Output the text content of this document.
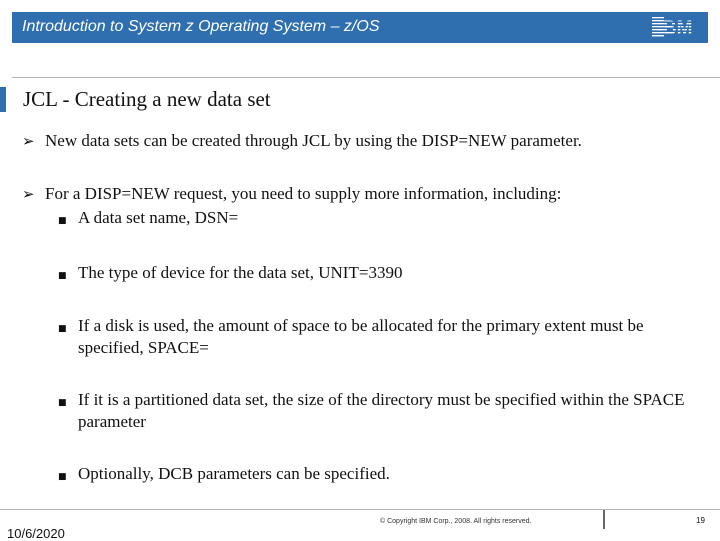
Introduction to System z Operating System – z/OS
JCL - Creating a new data set
➢ New data sets can be created through JCL by using the DISP=NEW parameter.
➢ For a DISP=NEW request, you need to supply more information, including:
■ A data set name, DSN=
■ The type of device for the data set, UNIT=3390
■ If a disk is used, the amount of space to be allocated for the primary extent must be specified, SPACE=
■ If it is a partitioned data set, the size of the directory must be specified within the SPACE parameter
■ Optionally, DCB parameters can be specified.
10/6/2020
© Copyright IBM Corp., 2008. All rights reserved.	19
